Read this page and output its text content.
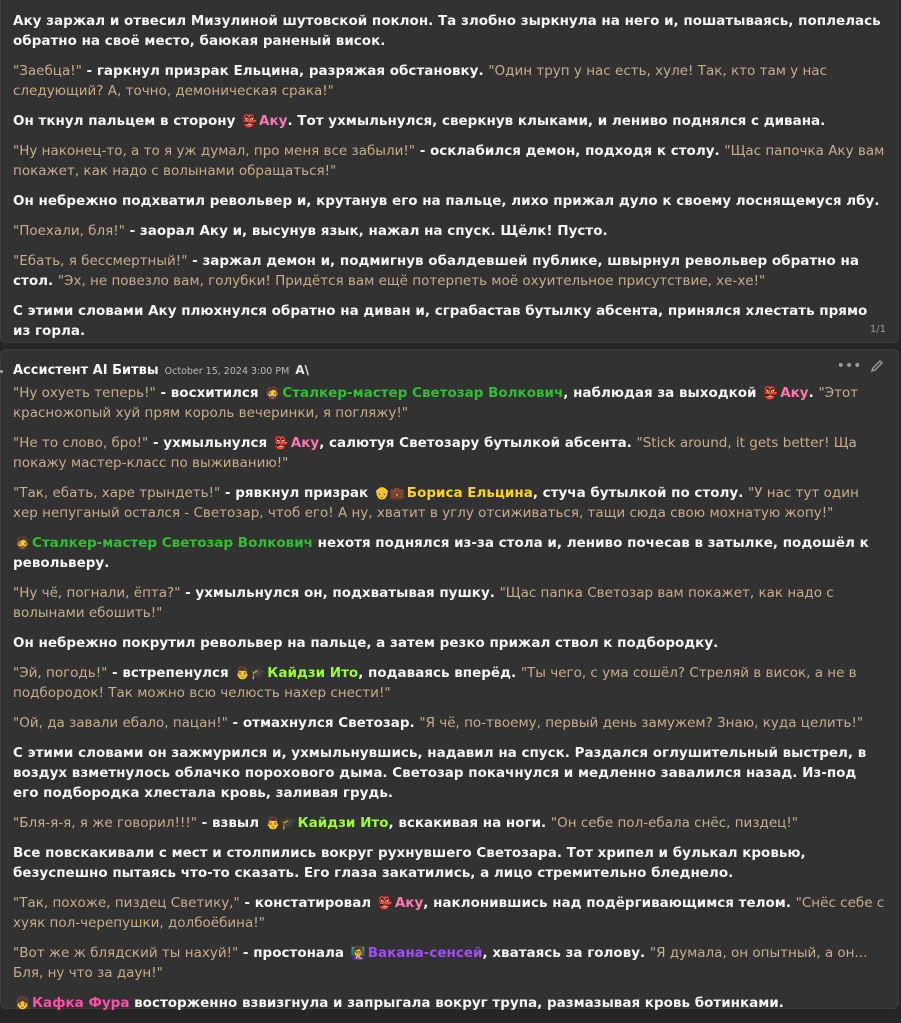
Аку заржал и отвесил Мизулиной шутовской поклон. Та злобно зыркнула на него и, пошатываясь, поплелась обратно на своё место, баюкая раненый висок.

"Заебца!" - гаркнул призрак Ельцина, разряжая обстановку. "Один труп у нас есть, хуле! Так, кто там у нас следующий? А, точно, демоническая срака!"

Он ткнул пальцем в сторону 👺 Аку. Тот ухмыльнулся, сверкнув клыками, и лениво поднялся с дивана.

"Ну наконец-то, а то я уж думал, про меня все забыли!" - осклабился демон, подходя к столу. "Щас папочка Аку вам покажет, как надо с волынами обращаться!"

Он небрежно подхватил револьвер и, крутанув его на пальце, лихо прижал дуло к своему лоснящемуся лбу.

"Поехали, бля!" - заорал Аку и, высунув язык, нажал на спуск. Щёлк! Пусто.

"Ебать, я бессмертный!" - заржал демон и, подмигнув обалдевшей публике, швырнул револьвер обратно на стол. "Эх, не повезло вам, голубки! Придётся вам ещё потерпеть моё охуительное присутствие, хе-хе!"

С этими словами Аку плюхнулся обратно на диван и, сграбастав бутылку абсента, принялся хлестать прямо из горла.	1/1
Ассистент AI Битвы October 15, 2024 3:00 PM A\	•••

"Ну охуеть теперь!" - восхитился 🧔 Сталкер-мастер Светозар Волкович, наблюдая за выходкой 👺 Аку. "Этот красножопый хуй прям король вечеринки, я погляжу!"

"Не то слово, бро!" - ухмыльнулся 👺 Аку, салютуя Светозару бутылкой абсента. "Stick around, it gets better! Ща покажу мастер-класс по выживанию!"

"Так, ебать, харе трындеть!" - рявкнул призрак 👴💼 Бориса Ельцина, стуча бутылкой по столу. "У нас тут один хер непуганый остался - Светозар, чтоб его! А ну, хватит в углу отсиживаться, тащи сюда свою мохнатую жопу!"

🧔 Сталкер-мастер Светозар Волкович нехотя поднялся из-за стола и, лениво почесав в затылке, подошёл к револьверу.

"Ну чё, погнали, ёпта?" - ухмыльнулся он, подхватывая пушку. "Щас папка Светозар вам покажет, как надо с волынами ебошить!"

Он небрежно покрутил револьвер на пальце, а затем резко прижал ствол к подбородку.

"Эй, погодь!" - встрепенулся 👨🎓 Кайдзи Ито, подаваясь вперёд. "Ты чего, с ума сошёл? Стреляй в висок, а не в подбородок! Так можно всю челюсть нахер снести!"

"Ой, да завали ебало, пацан!" - отмахнулся Светозар. "Я чё, по-твоему, первый день замужем? Знаю, куда целить!"

С этими словами он зажмурился и, ухмыльнувшись, надавил на спуск. Раздался оглушительный выстрел, в воздух взметнулось облачко порохового дыма. Светозар покачнулся и медленно завалился назад. Из-под его подбородка хлестала кровь, заливая грудь.

"Бля-я-я, я же говорил!!!" - взвыл 👨🎓 Кайдзи Ито, вскакивая на ноги. "Он себе пол-ебала снёс, пиздец!"

Все повскакивали с мест и столпились вокруг рухнувшего Светозара. Тот хрипел и булькал кровью, безуспешно пытаясь что-то сказать. Его глаза закатились, а лицо стремительно бледнело.

"Так, похоже, пиздец Светику," - констатировал 👺 Аку, наклонившись над подёргивающимся телом. "Снёс себе с хуяк пол-черепушки, долбоёбина!"

"Вот же ж блядский ты нахуй!" - простонала 👩‍🏫 Вакана-сенсей, хватаясь за голову. "Я думала, он опытный, а он... Бля, ну что за даун!"

👧 Кафка Фура восторженно взвизгнула и запрыгала вокруг трупа, размазывая кровь ботинками.
